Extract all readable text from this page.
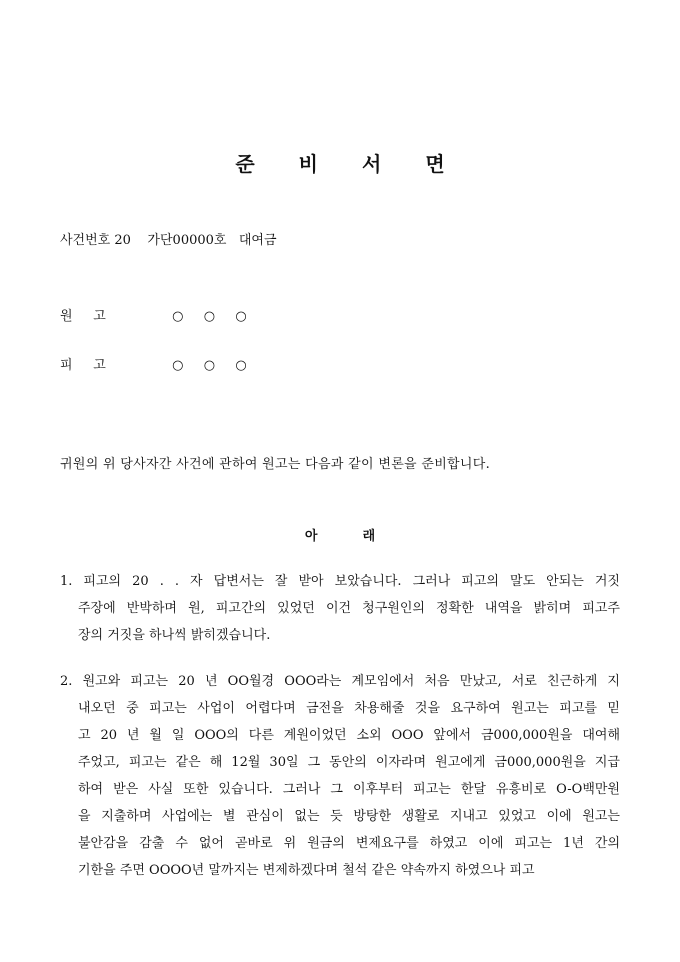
준비서면
사건번호 20    가단00000호   대여금
원     고	○  ○  ○
피     고	○  ○  ○
귀원의 위 당사자간 사건에 관하여 원고는 다음과 같이 변론을 준비합니다.
아          래
1. 피고의 20 . . 자 답변서는 잘 받아 보았습니다. 그러나 피고의 말도 안되는 거짓
주장에 반박하며 원, 피고간의 있었던 이건 청구원인의 정확한 내역을 밝히며 피고주
장의 거짓을 하나씩 밝히겠습니다.
2. 원고와 피고는 20 년 OO월경 OOO라는 계모임에서 처음 만났고, 서로 친근하게 지
내오던 중 피고는 사업이 어렵다며 금전을 차용해줄 것을 요구하여 원고는 피고를 믿
고 20 년 월 일 OOO의 다른 계원이었던 소외 OOO 앞에서 금000,000원을 대여해
주었고, 피고는 같은 해 12월 30일 그 동안의 이자라며 원고에게 금000,000원을 지급
하여 받은 사실 또한 있습니다. 그러나 그 이후부터 피고는 한달 유흥비로 O-O백만원
을 지출하며 사업에는 별 관심이 없는 듯 방탕한 생활로 지내고 있었고 이에 원고는
불안감을 감출 수 없어 곧바로 위 원금의 변제요구를 하였고 이에 피고는 1년 간의
기한을 주면 OOOO년 말까지는 변제하겠다며 철석 같은 약속까지 하였으나 피고
